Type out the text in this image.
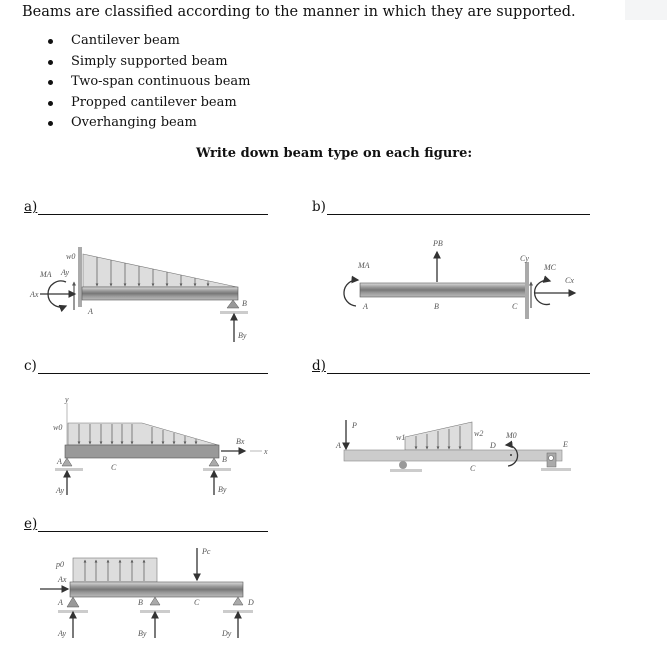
Beams are classified according to the manner in which they are supported.
Cantilever beam
Simply supported beam
Two-span continuous beam
Propped cantilever beam
Overhanging beam
Write down beam type on each figure:
a)	b)
c)	d)
e)
w0
MA Ay
Ax
A
B
By
PB
MA
A	B	C
Cy
MC
Cx
y
w0
A
C
B
Bx
x
Ay	By
P
A
w1	w2	M0
D	E
C
Pc
p0
Ax
A	B	C	D
Ay	By	Dy
